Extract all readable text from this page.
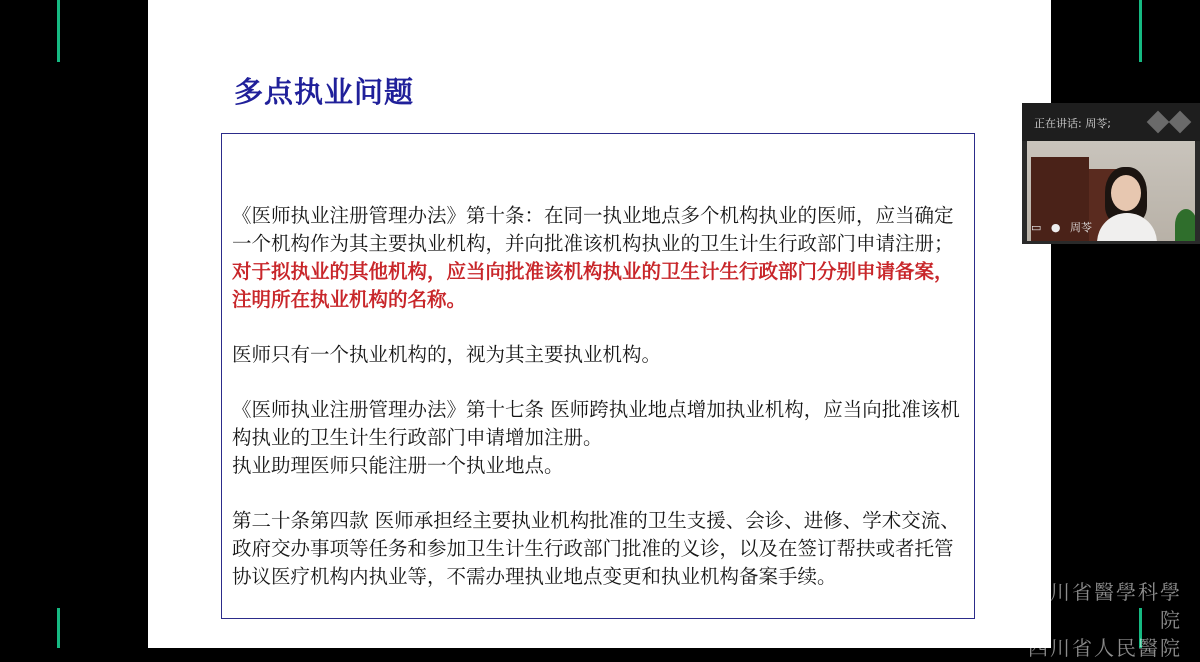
多点执业问题

《医师执业注册管理办法》第十条：在同一执业地点多个机构执业的医师，应当确定一个机构作为其主要执业机构，并向批准该机构执业的卫生计生行政部门申请注册；对于拟执业的其他机构，应当向批准该机构执业的卫生计生行政部门分别申请备案，注明所在执业机构的名称。

医师只有一个执业机构的，视为其主要执业机构。

《医师执业注册管理办法》第十七条 医师跨执业地点增加执业机构，应当向批准该机构执业的卫生计生行政部门申请增加注册。

执业助理医师只能注册一个执业地点。

第二十条第四款 医师承担经主要执业机构批准的卫生支援、会诊、进修、学术交流、政府交办事项等任务和参加卫生计生行政部门批准的义诊，以及在签订帮扶或者托管协议医疗机构内执业等，不需办理执业地点变更和执业机构备案手续。

正在讲话: 周苓;
▭ ● 周苓
四川省醫學科學院
四川省人民醫院
